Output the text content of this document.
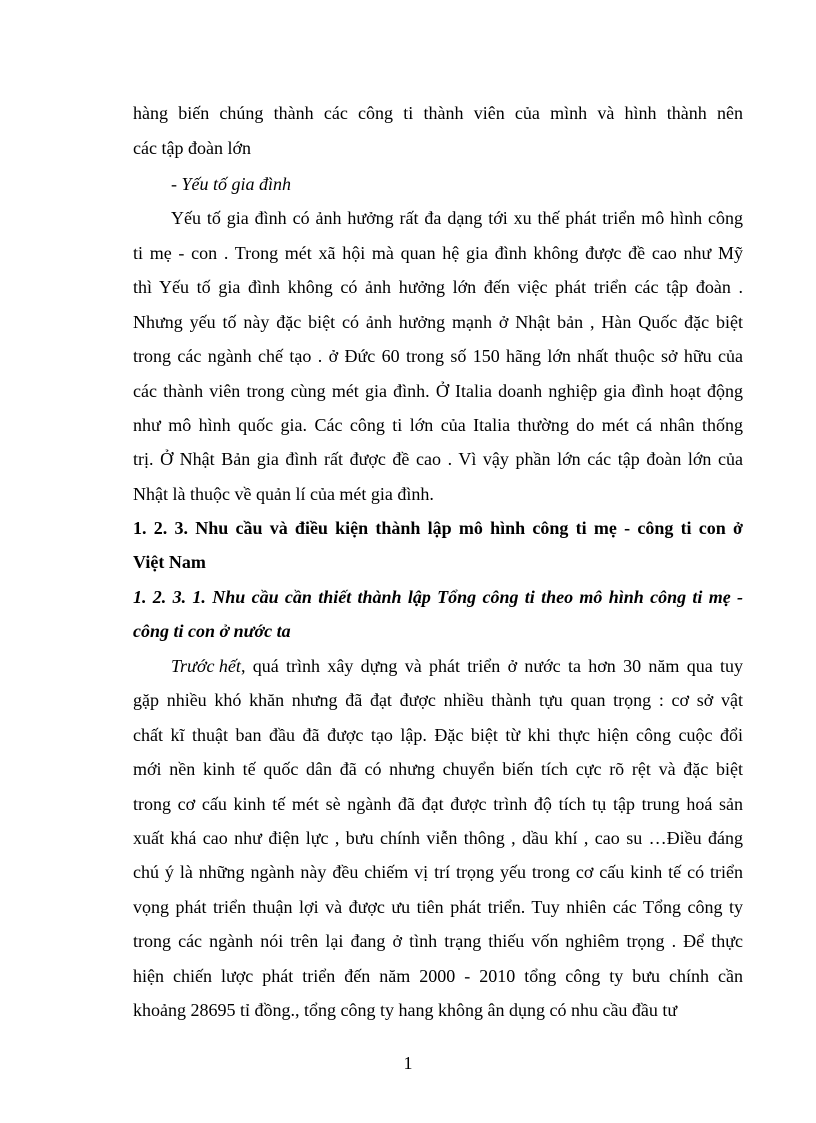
hàng biến chúng thành các công ti thành viên của mình và hình thành nên
các tập đoàn lớn
- Yếu tố gia đình
Yếu tố gia đình có ảnh hưởng rất đa dạng tới xu thế phát triển mô hình công
ti mẹ - con . Trong mét xã hội mà quan hệ gia đình không được đề cao như Mỹ
thì Yếu tố gia đình không có ảnh hưởng lớn đến việc phát triển các tập đoàn .
Nhưng yếu tố này đặc biệt có ảnh hưởng mạnh ở Nhật bản , Hàn Quốc đặc biệt
trong các ngành chế tạo . ở Đức 60 trong số 150 hãng lớn nhất thuộc sở hữu của
các thành viên trong cùng mét gia đình. Ở Italia doanh nghiệp gia đình hoạt động
như mô hình quốc gia. Các công ti lớn của Italia thường do mét cá nhân thống
trị. Ở Nhật Bản gia đình rất được đề cao . Vì vậy phần lớn các tập đoàn lớn của
Nhật là thuộc về quản lí của mét gia đình.
1. 2. 3. Nhu cầu và điều kiện thành lập mô hình công ti mẹ - công ti con ở
Việt Nam
1. 2. 3. 1. Nhu cầu cần thiết thành lập Tổng công ti theo mô hình công ti mẹ -
công ti con ở nước ta
Trước hết , quá trình xây dựng và phát triển ở nước ta hơn 30 năm qua tuy
gặp nhiều khó khăn nhưng đã đạt được nhiều thành tựu quan trọng : cơ sở vật
chất kĩ thuật ban đầu đã được tạo lập. Đặc biệt từ khi thực hiện công cuộc đổi
mới nền kinh tế quốc dân đã có nhưng chuyển biến tích cực rõ rệt và đặc biệt
trong cơ cấu kinh tế mét sè ngành đã đạt được trình độ tích tụ tập trung hoá sản
xuất khá cao như điện lực , bưu chính viễn thông , dầu khí , cao su …Điều đáng
chú ý là những ngành này đều chiếm vị trí trọng yếu trong cơ cấu kinh tế có triển
vọng phát triển thuận lợi và được ưu tiên phát triển. Tuy nhiên các Tổng công ty
trong các ngành nói trên lại đang ở tình trạng thiếu vốn nghiêm trọng . Để thực
hiện chiến lược phát triển đến năm 2000 - 2010 tổng công ty bưu chính cần
khoảng 28695 tỉ đồng., tổng công ty hang không ân dụng có nhu cầu đầu tư
1
